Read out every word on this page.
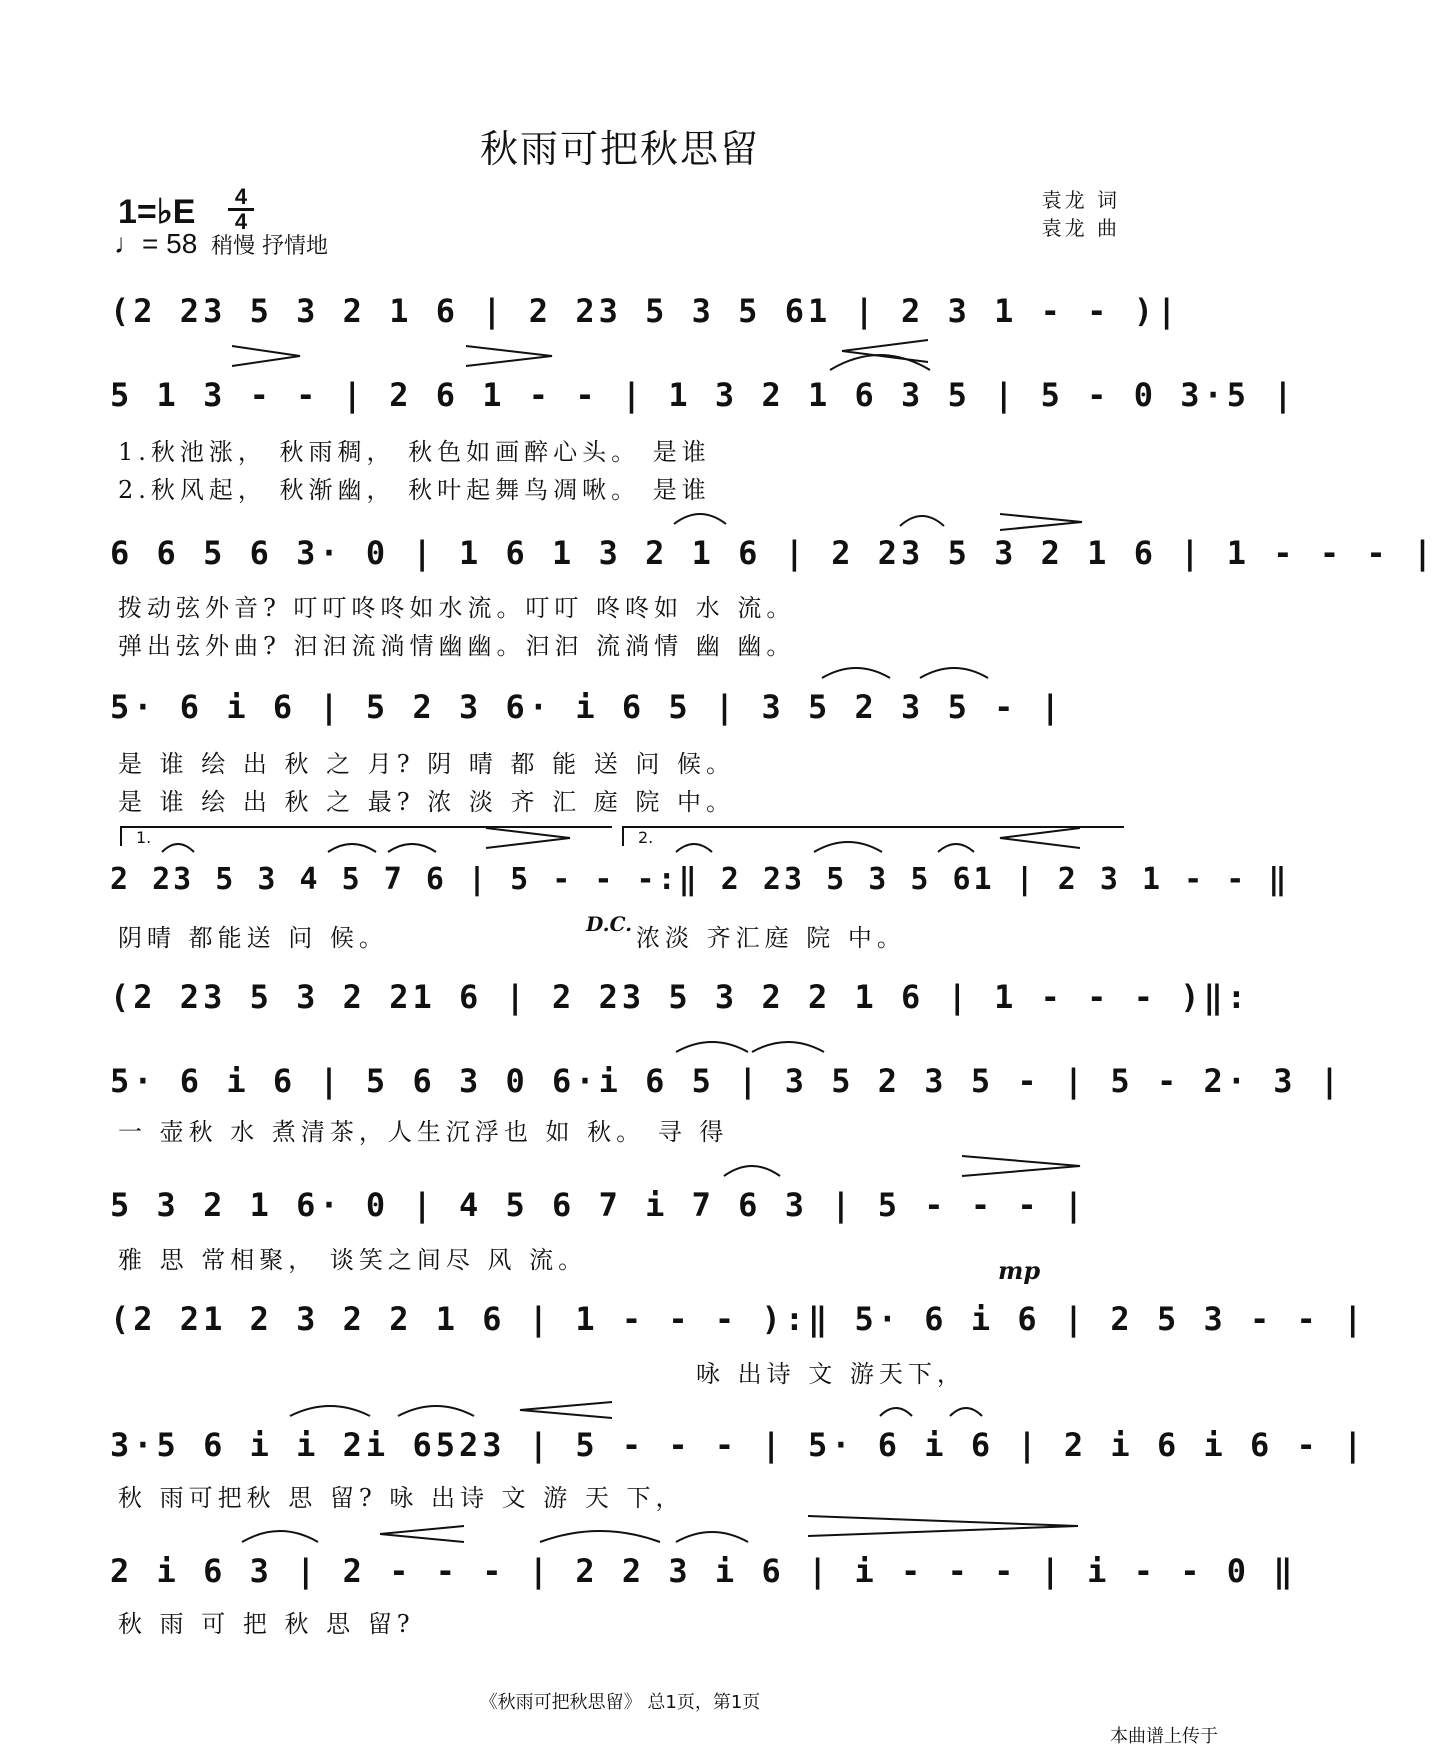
秋雨可把秋思留
1=♭E	4
4
♩= 58 稍慢 抒情地
袁龙 词
袁龙 曲
(2 23 5 3 2 1 6 | 2 23 5 3 5 61 | 2 3 1 - - )|
5 1 3 - - | 2 6 1 - - | 1 3 2 1 6 3 5 | 5 - 0 3·5 |
1.秋池涨， 秋雨稠， 秋色如画醉心头。 是谁
2.秋风起， 秋渐幽， 秋叶起舞鸟凋啾。 是谁
6 6 5 6 3· 0 | 1 6 1 3 2 1 6 | 2 23 5 3 2 1 6 | 1 - - - |
拨动弦外音? 叮叮咚咚如水流。叮叮 咚咚如 水 流。
弹出弦外曲? 汩汩流淌情幽幽。汩汩 流淌情 幽 幽。
5· 6 i 6 | 5 2 3 6· i 6 5 | 3 5 2 3 5 - |
是 谁 绘 出 秋 之 月? 阴 晴 都 能 送 问 候。
是 谁 绘 出 秋 之 最? 浓 淡 齐 汇 庭 院 中。
1.	2.
2 23 5 3 4 5 7 6 | 5 - - -:‖ 2 23 5 3 5 61 | 2 3 1 - - ‖
阴晴 都能送 问 候。	D.C. 浓淡 齐汇庭 院 中。
(2 23 5 3 2 21 6 | 2 23 5 3 2 2 1 6 | 1 - - - )‖:
5· 6 i 6 | 5 6 3 0 6·i 6 5 | 3 5 2 3 5 - | 5 - 2· 3 |
一 壶秋 水 煮清茶，人生沉浮也 如 秋。 寻 得
5 3 2 1 6· 0 | 4 5 6 7 i 7 6 3 | 5 - - - |
雅 思 常相聚， 谈笑之间尽 风 流。	mp
(2 21 2 3 2 2 1 6 | 1 - - - ):‖ 5· 6 i 6 | 2 5 3 - - |
咏 出诗 文 游天下，
3·5 6 i i 2i 6523 | 5 - - - | 5· 6 i 6 | 2 i 6 i 6 - |
秋 雨可把秋 思 留? 咏 出诗 文 游 天 下，
2 i 6 3 | 2 - - - | 2 2 3 i 6 | i - - - | i - - 0 ‖
秋 雨 可 把 秋 思 留?
《秋雨可把秋思留》 总1页，第1页
本曲谱上传于
